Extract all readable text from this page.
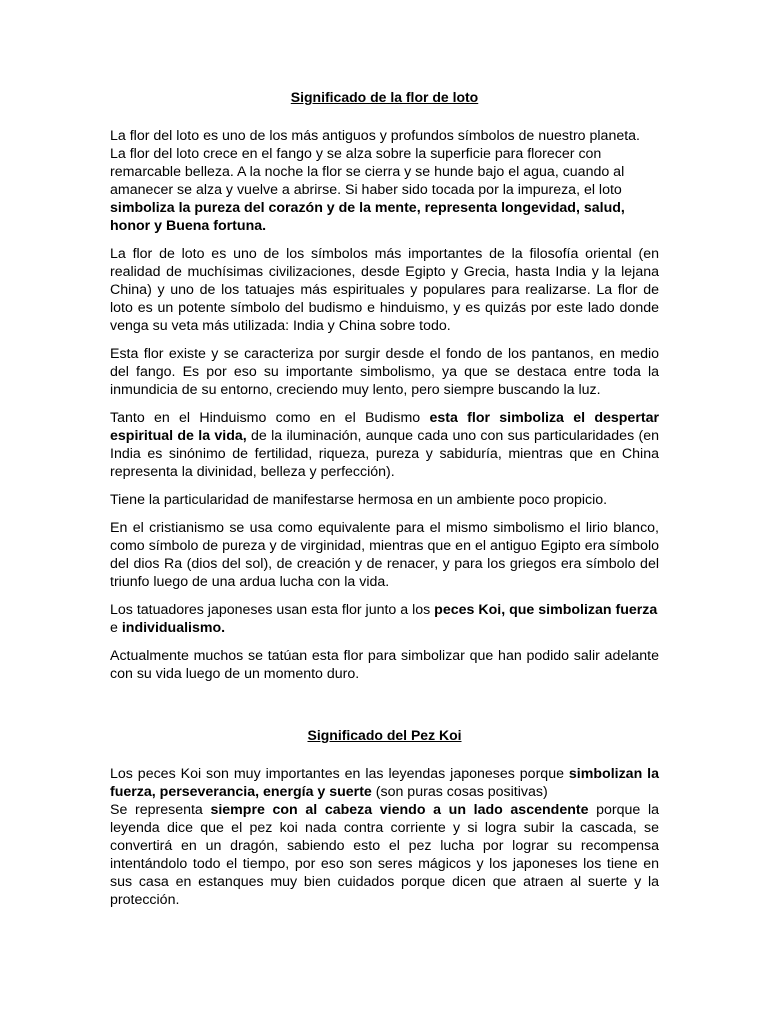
Significado de la flor de loto
La flor del loto es uno de los más antiguos y profundos símbolos de nuestro planeta.
La flor del loto crece en el fango y se alza sobre la superficie para florecer con remarcable belleza. A la noche la flor se cierra y se hunde bajo el agua, cuando al amanecer se alza y vuelve a abrirse. Si haber sido tocada por la impureza, el loto simboliza la pureza del corazón y de la mente, representa longevidad, salud, honor y Buena fortuna.
La flor de loto es uno de los símbolos más importantes de la filosofía oriental (en realidad de muchísimas civilizaciones, desde Egipto y Grecia, hasta India y la lejana China) y uno de los tatuajes más espirituales y populares para realizarse. La flor de loto es un potente símbolo del budismo e hinduismo, y es quizás por este lado donde venga su veta más utilizada: India y China sobre todo.
Esta flor existe y se caracteriza por surgir desde el fondo de los pantanos, en medio del fango. Es por eso su importante simbolismo, ya que se destaca entre toda la inmundicia de su entorno, creciendo muy lento, pero siempre buscando la luz.
Tanto en el Hinduismo como en el Budismo esta flor simboliza el despertar espiritual de la vida, de la iluminación, aunque cada uno con sus particularidades (en India es sinónimo de fertilidad, riqueza, pureza y sabiduría, mientras que en China representa la divinidad, belleza y perfección).
Tiene la particularidad de manifestarse hermosa en un ambiente poco propicio.
En el cristianismo se usa como equivalente para el mismo simbolismo el lirio blanco, como símbolo de pureza y de virginidad, mientras que en el antiguo Egipto era símbolo del dios Ra (dios del sol), de creación y de renacer, y para los griegos era símbolo del triunfo luego de una ardua lucha con la vida.
Los tatuadores japoneses usan esta flor junto a los peces Koi, que simbolizan fuerza e individualismo.
Actualmente muchos se tatúan esta flor para simbolizar que han podido salir adelante con su vida luego de un momento duro.
Significado del Pez Koi
Los peces Koi son muy importantes en las leyendas japoneses porque simbolizan la fuerza, perseverancia, energía y suerte (son puras cosas positivas)
Se representa siempre con al cabeza viendo a un lado ascendente porque la leyenda dice que el pez koi nada contra corriente y si logra subir la cascada, se convertirá en un dragón, sabiendo esto el pez lucha por lograr su recompensa intentándolo todo el tiempo, por eso son seres mágicos y los japoneses los tiene en sus casa en estanques muy bien cuidados porque dicen que atraen al suerte y la protección.
